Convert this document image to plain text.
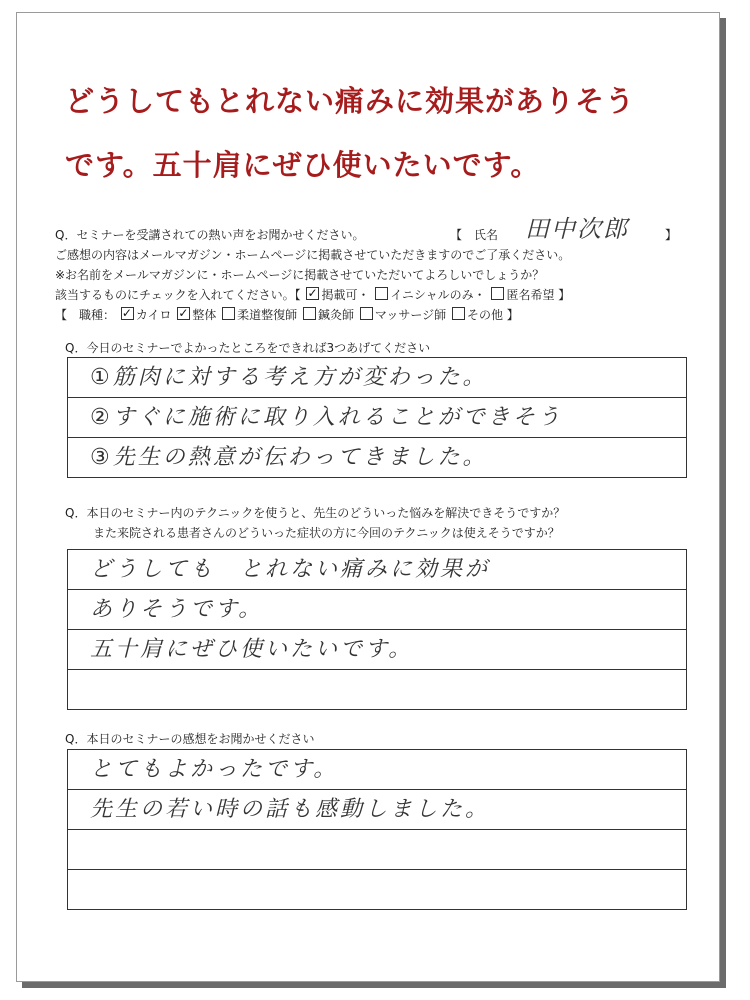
どうしてもとれない痛みに効果がありそう
です。五十肩にぜひ使いたいです。
Q．セミナーを受講されての熱い声をお聞かせください。	【　氏名 田中次郎	】
ご感想の内容はメールマガジン・ホームページに掲載させていただきますのでご了承ください。
※お名前をメールマガジンに・ホームページに掲載させていただいてよろしいでしょうか？
該当するものにチェックを入れてください。【 ✓ 掲載可・ イニシャルのみ・ 匿名希望 】
【　職種： ✓ カイロ ✓ 整体 柔道整復師 鍼灸師 マッサージ師 その他 】
Q．今日のセミナーでよかったところをできれば3つあげてください
①筋肉に対する考え方が変わった。
②すぐに施術に取り入れることができそう
③先生の熱意が伝わってきました。
Q．本日のセミナー内のテクニックを使うと、先生のどういった悩みを解決できそうですか？
また来院される患者さんのどういった症状の方に今回のテクニックは使えそうですか？
どうしても　とれない痛みに効果が
ありそうです。
五十肩にぜひ使いたいです。
Q．本日のセミナーの感想をお聞かせください
とてもよかったです。
先生の若い時の話も感動しました。
